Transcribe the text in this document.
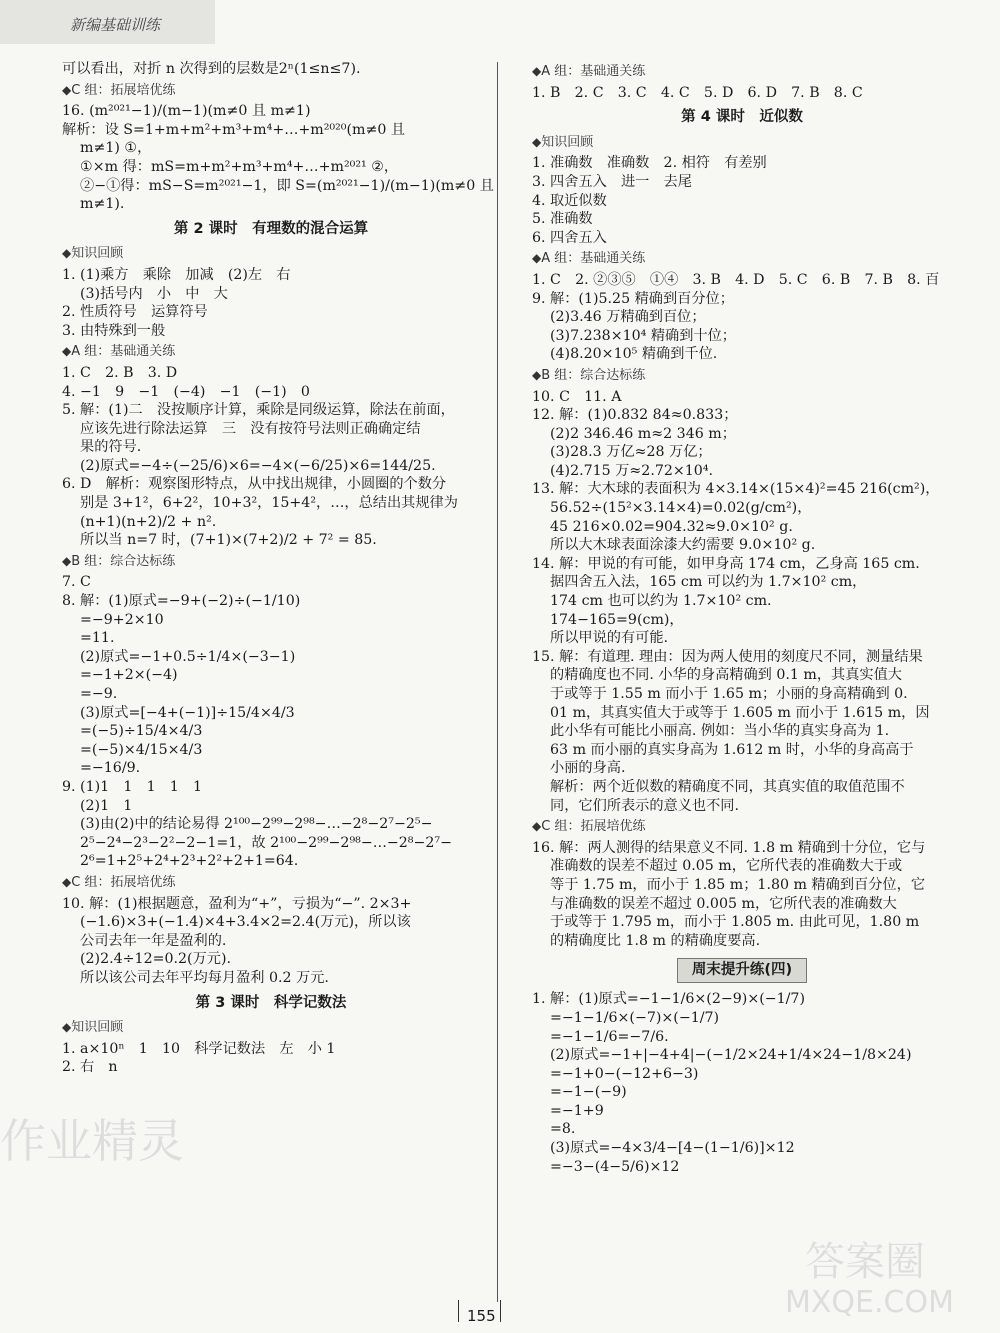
新编基础训练

可以看出，对折 n 次得到的层数是2ⁿ(1≤n≤7).

◆C 组：拓展培优练

16. (m²⁰²¹−1)/(m−1)(m≠0 且 m≠1)

解析：设 S=1+m+m²+m³+m⁴+…+m²⁰²⁰(m≠0 且

m≠1) ①，

①×m 得：mS=m+m²+m³+m⁴+…+m²⁰²¹ ②，

②−①得：mS−S=m²⁰²¹−1，即 S=(m²⁰²¹−1)/(m−1)(m≠0 且

m≠1).

第 2 课时　有理数的混合运算
◆知识回顾

1. (1)乘方　乘除　加减　(2)左　右

(3)括号内　小　中　大

2. 性质符号　运算符号

3. 由特殊到一般

◆A 组：基础通关练

1. C　2. B　3. D

4. −1　9　−1　(−4)　−1　(−1)　0

5. 解：(1)二　没按顺序计算，乘除是同级运算，除法在前面，

应该先进行除法运算　三　没有按符号法则正确确定结

果的符号.

(2)原式=−4÷(−25/6)×6=−4×(−6/25)×6=144/25.

6. D　解析：观察图形特点，从中找出规律，小圆圈的个数分

别是 3+1²，6+2²，10+3²，15+4²，…，总结出其规律为

(n+1)(n+2)/2 + n².

所以当 n=7 时，(7+1)×(7+2)/2 + 7² = 85.

◆B 组：综合达标练

7. C

8. 解：(1)原式=−9+(−2)÷(−1/10)

=−9+2×10

=11.

(2)原式=−1+0.5÷1/4×(−3−1)

=−1+2×(−4)

=−9.

(3)原式=[−4+(−1)]÷15/4×4/3

=(−5)÷15/4×4/3

=(−5)×4/15×4/3

=−16/9.

9. (1)1　1　1　1　1

(2)1　1

(3)由(2)中的结论易得 2¹⁰⁰−2⁹⁹−2⁹⁸−…−2⁸−2⁷−2⁵−

2⁵−2⁴−2³−2²−2−1=1，故 2¹⁰⁰−2⁹⁹−2⁹⁸−…−2⁸−2⁷−

2⁶=1+2⁵+2⁴+2³+2²+2+1=64.

◆C 组：拓展培优练

10. 解：(1)根据题意，盈利为“+”，亏损为“−”. 2×3+

(−1.6)×3+(−1.4)×4+3.4×2=2.4(万元)，所以该

公司去年一年是盈利的.

(2)2.4÷12=0.2(万元).

所以该公司去年平均每月盈利 0.2 万元.

第 3 课时　科学记数法
◆知识回顾

1. a×10ⁿ　1　10　科学记数法　左　小 1

2. 右　n

◆A 组：基础通关练

1. B　2. C　3. C　4. C　5. D　6. D　7. B　8. C

第 4 课时　近似数
◆知识回顾

1. 准确数　准确数　2. 相符　有差别

3. 四舍五入　进一　去尾

4. 取近似数

5. 准确数

6. 四舍五入

◆A 组：基础通关练

1. C　2. ②③⑤　①④　3. B　4. D　5. C　6. B　7. B　8. 百

9. 解：(1)5.25 精确到百分位；

(2)3.46 万精确到百位；

(3)7.238×10⁴ 精确到十位；

(4)8.20×10⁵ 精确到千位.

◆B 组：综合达标练

10. C　11. A

12. 解：(1)0.832 84≈0.833；

(2)2 346.46 m≈2 346 m；

(3)28.3 万亿≈28 万亿；

(4)2.715 万≈2.72×10⁴.

13. 解：大木球的表面积为 4×3.14×(15×4)²=45 216(cm²)，

56.52÷(15²×3.14×4)=0.02(g/cm²)，

45 216×0.02=904.32≈9.0×10² g.

所以大木球表面涂漆大约需要 9.0×10² g.

14. 解：甲说的有可能，如甲身高 174 cm，乙身高 165 cm.

据四舍五入法，165 cm 可以约为 1.7×10² cm，

174 cm 也可以约为 1.7×10² cm.

174−165=9(cm)，

所以甲说的有可能.

15. 解：有道理. 理由：因为两人使用的刻度尺不同，测量结果

的精确度也不同. 小华的身高精确到 0.1 m，其真实值大

于或等于 1.55 m 而小于 1.65 m；小丽的身高精确到 0.

01 m，其真实值大于或等于 1.605 m 而小于 1.615 m，因

此小华有可能比小丽高. 例如：当小华的真实身高为 1.

63 m 而小丽的真实身高为 1.612 m 时，小华的身高高于

小丽的身高.

解析：两个近似数的精确度不同，其真实值的取值范围不

同，它们所表示的意义也不同.

◆C 组：拓展培优练

16. 解：两人测得的结果意义不同. 1.8 m 精确到十分位，它与

准确数的误差不超过 0.05 m，它所代表的准确数大于或

等于 1.75 m，而小于 1.85 m；1.80 m 精确到百分位，它

与准确数的误差不超过 0.005 m，它所代表的准确数大

于或等于 1.795 m，而小于 1.805 m. 由此可见，1.80 m

的精确度比 1.8 m 的精确度要高.

周末提升练(四)

1. 解：(1)原式=−1−1/6×(2−9)×(−1/7)

=−1−1/6×(−7)×(−1/7)

=−1−1/6=−7/6.

(2)原式=−1+|−4+4|−(−1/2×24+1/4×24−1/8×24)

=−1+0−(−12+6−3)

=−1−(−9)

=−1+9

=8.

(3)原式=−4×3/4−[4−(1−1/6)]×12

=−3−(4−5/6)×12

155
作业精灵
答案圈
MXQE.COM
